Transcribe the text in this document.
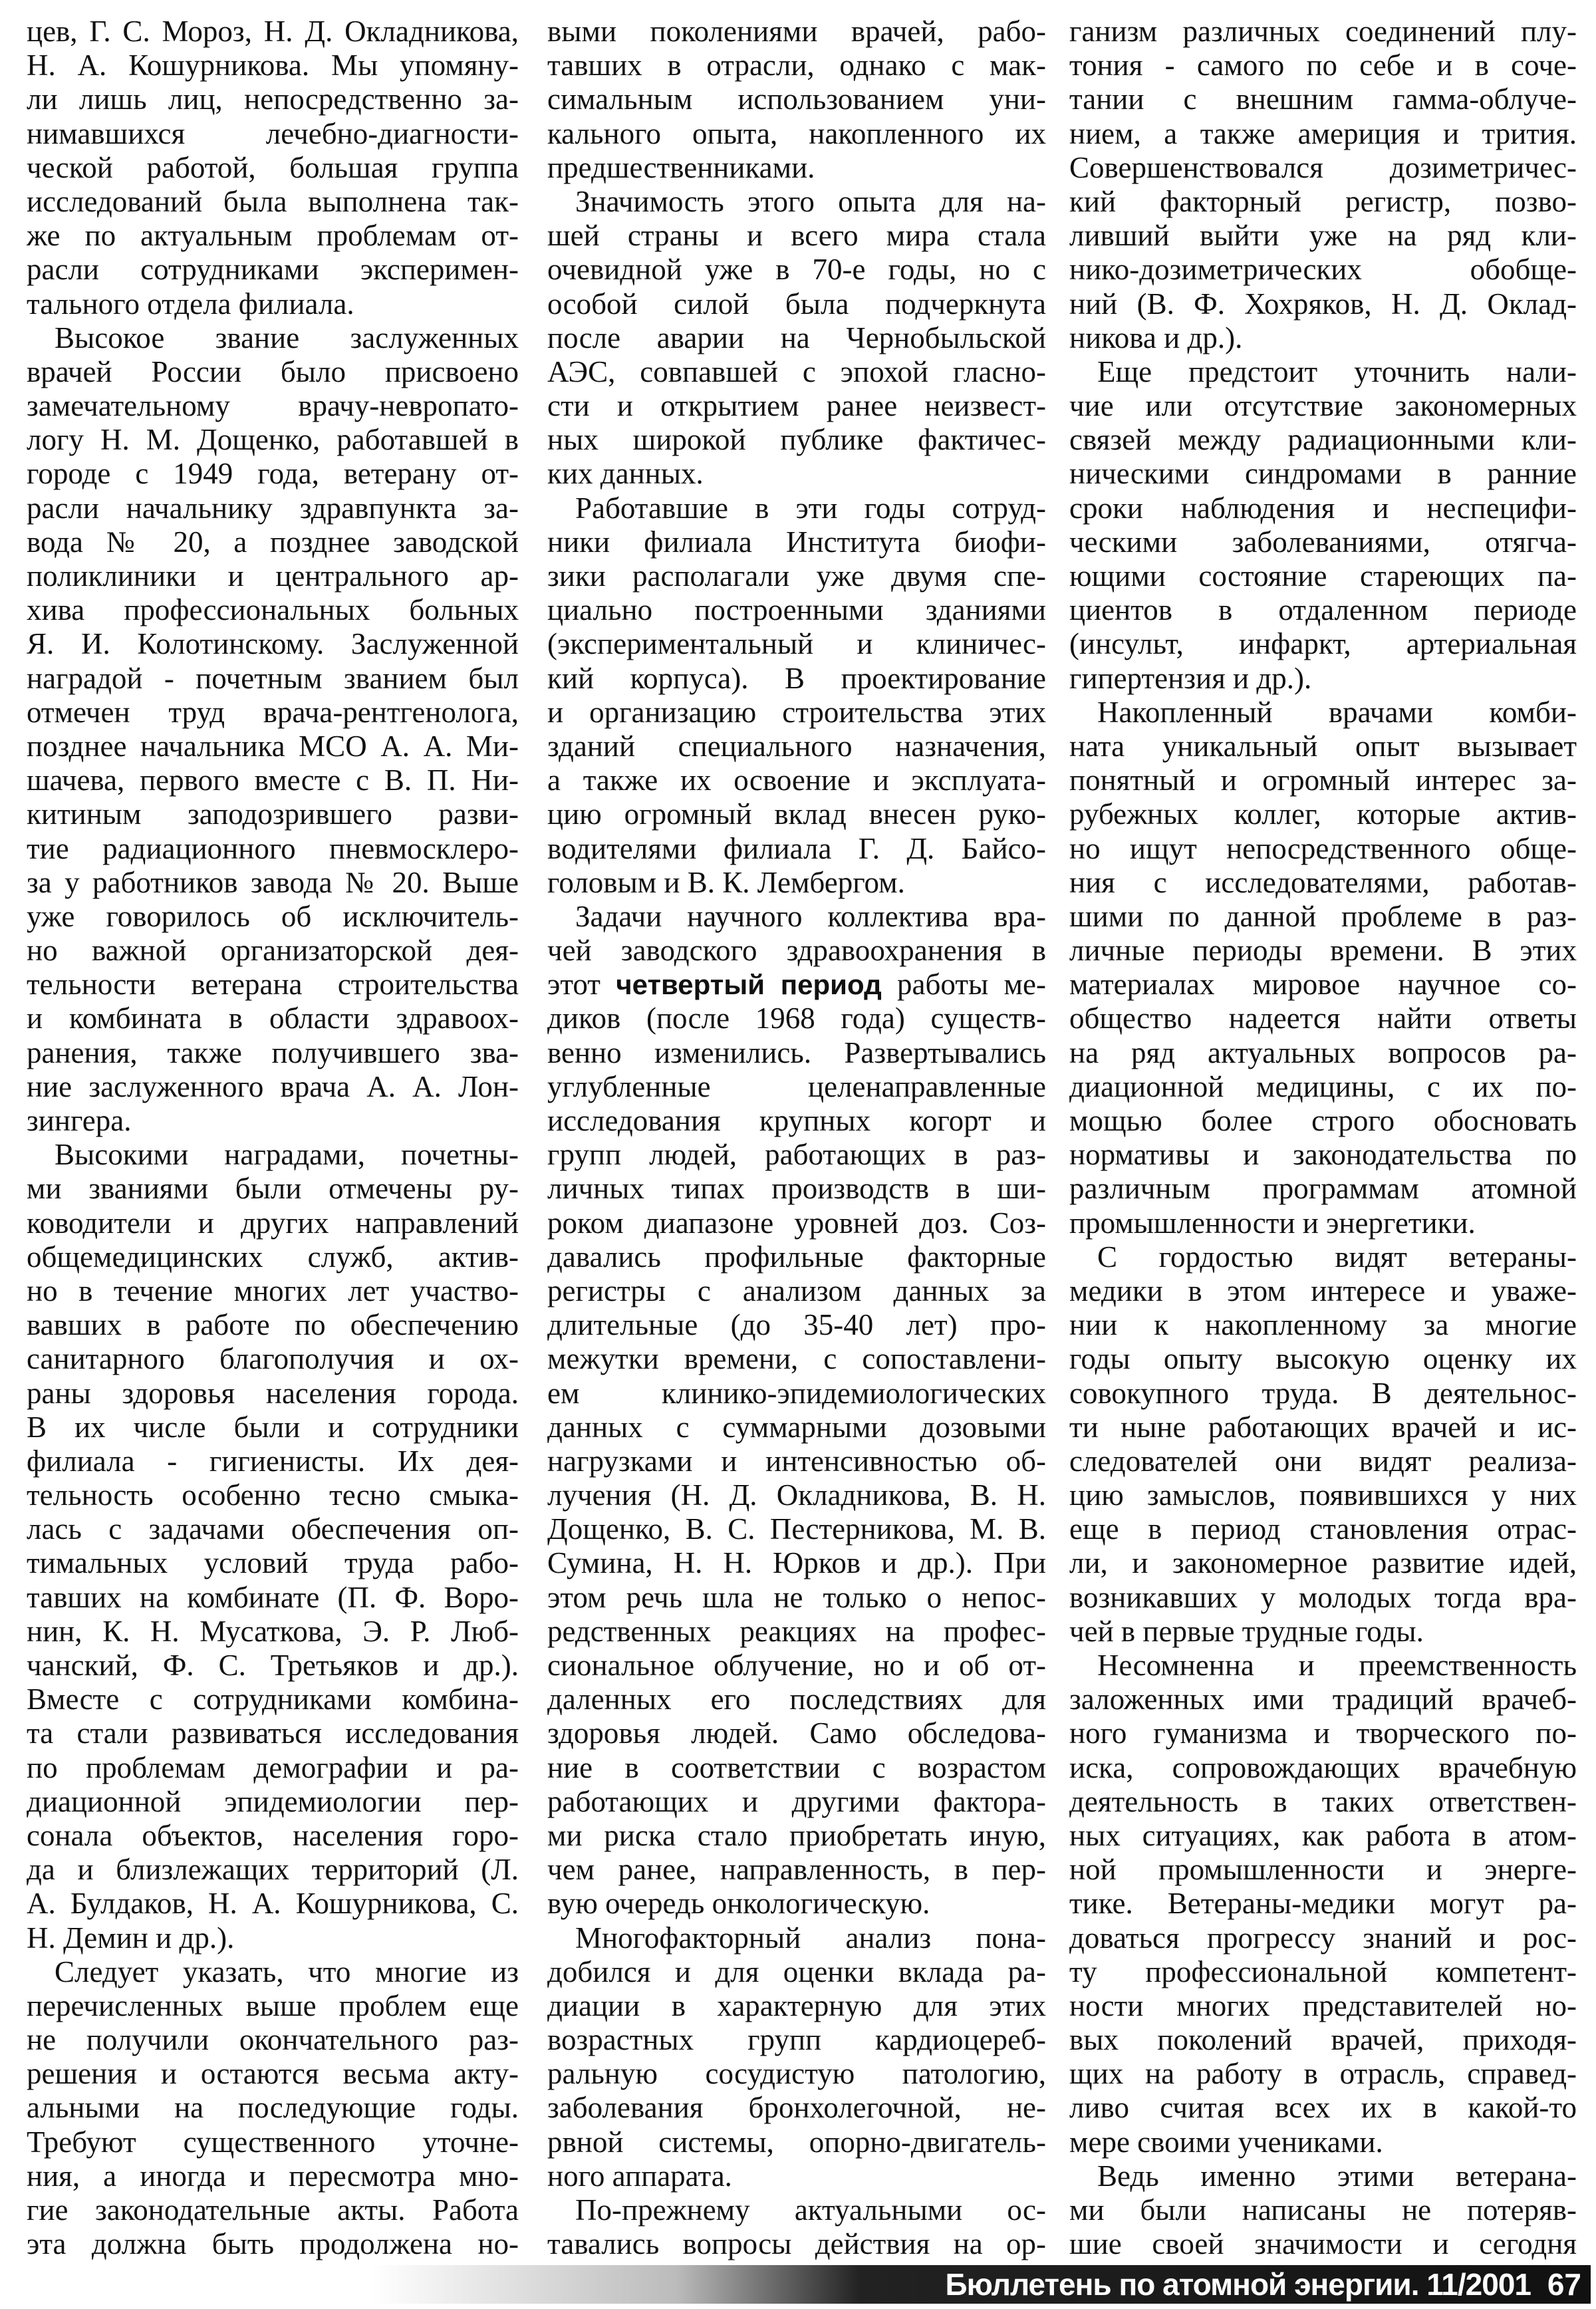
цев, Г. С. Мороз, Н. Д. Окладникова,
Н. А. Кошурникова. Мы упомяну-
ли лишь лиц, непосредственно за-
нимавшихся лечебно-диагности-
ческой работой, большая группа
исследований была выполнена так-
же по актуальным проблемам от-
расли сотрудниками эксперимен-
тального отдела филиала.
Высокое звание заслуженных
врачей России было присвоено
замечательному врачу-невропато-
логу Н. М. Дощенко, работавшей в
городе с 1949 года, ветерану от-
расли начальнику здравпункта за-
вода № 20, а позднее заводской
поликлиники и центрального ар-
хива профессиональных больных
Я. И. Колотинскому. Заслуженной
наградой - почетным званием был
отмечен труд врача-рентгенолога,
позднее начальника МСО А. А. Ми-
шачева, первого вместе с В. П. Ни-
китиным заподозрившего разви-
тие радиационного пневмосклеро-
за у работников завода № 20. Выше
уже говорилось об исключитель-
но важной организаторской дея-
тельности ветерана строительства
и комбината в области здравоох-
ранения, также получившего зва-
ние заслуженного врача А. А. Лон-
зингера.
Высокими наградами, почетны-
ми званиями были отмечены ру-
ководители и других направлений
общемедицинских служб, актив-
но в течение многих лет участво-
вавших в работе по обеспечению
санитарного благополучия и ох-
раны здоровья населения города.
В их числе были и сотрудники
филиала - гигиенисты. Их дея-
тельность особенно тесно смыка-
лась с задачами обеспечения оп-
тимальных условий труда рабо-
тавших на комбинате (П. Ф. Воро-
нин, К. Н. Мусаткова, Э. Р. Люб-
чанский, Ф. С. Третьяков и др.).
Вместе с сотрудниками комбина-
та стали развиваться исследования
по проблемам демографии и ра-
диационной эпидемиологии пер-
сонала объектов, населения горо-
да и близлежащих территорий (Л.
А. Булдаков, Н. А. Кошурникова, С.
Н. Демин и др.).
Следует указать, что многие из
перечисленных выше проблем еще
не получили окончательного раз-
решения и остаются весьма акту-
альными на последующие годы.
Требуют существенного уточне-
ния, а иногда и пересмотра мно-
гие законодательные акты. Работа
эта должна быть продолжена но-
выми поколениями врачей, рабо-
тавших в отрасли, однако с мак-
симальным использованием уни-
кального опыта, накопленного их
предшественниками.
Значимость этого опыта для на-
шей страны и всего мира стала
очевидной уже в 70-е годы, но с
особой силой была подчеркнута
после аварии на Чернобыльской
АЭС, совпавшей с эпохой гласно-
сти и открытием ранее неизвест-
ных широкой публике фактичес-
ких данных.
Работавшие в эти годы сотруд-
ники филиала Института биофи-
зики располагали уже двумя спе-
циально построенными зданиями
(экспериментальный и клиничес-
кий корпуса). В проектирование
и организацию строительства этих
зданий специального назначения,
а также их освоение и эксплуата-
цию огромный вклад внесен руко-
водителями филиала Г. Д. Байсо-
головым и В. К. Лембергом.
Задачи научного коллектива вра-
чей заводского здравоохранения в
этот четвертый период работы ме-
диков (после 1968 года) существ-
венно изменились. Развертывались
углубленные целенаправленные
исследования крупных когорт и
групп людей, работающих в раз-
личных типах производств в ши-
роком диапазоне уровней доз. Соз-
давались профильные факторные
регистры с анализом данных за
длительные (до 35-40 лет) про-
межутки времени, с сопоставлени-
ем клинико-эпидемиологических
данных с суммарными дозовыми
нагрузками и интенсивностью об-
лучения (Н. Д. Окладникова, В. Н.
Дощенко, В. С. Пестерникова, М. В.
Сумина, Н. Н. Юрков и др.). При
этом речь шла не только о непос-
редственных реакциях на профес-
сиональное облучение, но и об от-
даленных его последствиях для
здоровья людей. Само обследова-
ние в соответствии с возрастом
работающих и другими фактора-
ми риска стало приобретать иную,
чем ранее, направленность, в пер-
вую очередь онкологическую.
Многофакторный анализ пона-
добился и для оценки вклада ра-
диации в характерную для этих
возрастных групп кардиоцереб-
ральную сосудистую патологию,
заболевания бронхолегочной, не-
рвной системы, опорно-двигатель-
ного аппарата.
По-прежнему актуальными ос-
тавались вопросы действия на ор-
ганизм различных соединений плу-
тония - самого по себе и в соче-
тании с внешним гамма-облуче-
нием, а также америция и трития.
Совершенствовался дозиметричес-
кий факторный регистр, позво-
ливший выйти уже на ряд кли-
нико-дозиметрических обобще-
ний (В. Ф. Хохряков, Н. Д. Оклад-
никова и др.).
Еще предстоит уточнить нали-
чие или отсутствие закономерных
связей между радиационными кли-
ническими синдромами в ранние
сроки наблюдения и неспецифи-
ческими заболеваниями, отягча-
ющими состояние стареющих па-
циентов в отдаленном периоде
(инсульт, инфаркт, артериальная
гипертензия и др.).
Накопленный врачами комби-
ната уникальный опыт вызывает
понятный и огромный интерес за-
рубежных коллег, которые актив-
но ищут непосредственного обще-
ния с исследователями, работав-
шими по данной проблеме в раз-
личные периоды времени. В этих
материалах мировое научное со-
общество надеется найти ответы
на ряд актуальных вопросов ра-
диационной медицины, с их по-
мощью более строго обосновать
нормативы и законодательства по
различным программам атомной
промышленности и энергетики.
С гордостью видят ветераны-
медики в этом интересе и уваже-
нии к накопленному за многие
годы опыту высокую оценку их
совокупного труда. В деятельнос-
ти ныне работающих врачей и ис-
следователей они видят реализа-
цию замыслов, появившихся у них
еще в период становления отрас-
ли, и закономерное развитие идей,
возникавших у молодых тогда вра-
чей в первые трудные годы.
Несомненна и преемственность
заложенных ими традиций врачеб-
ного гуманизма и творческого по-
иска, сопровождающих врачебную
деятельность в таких ответствен-
ных ситуациях, как работа в атом-
ной промышленности и энерге-
тике. Ветераны-медики могут ра-
доваться прогрессу знаний и рос-
ту профессиональной компетент-
ности многих представителей но-
вых поколений врачей, приходя-
щих на работу в отрасль, справед-
ливо считая всех их в какой-то
мере своими учениками.
Ведь именно этими ветерана-
ми были написаны не потеряв-
шие своей значимости и сегодня
Бюллетень по атомной энергии. 11/2001 67
